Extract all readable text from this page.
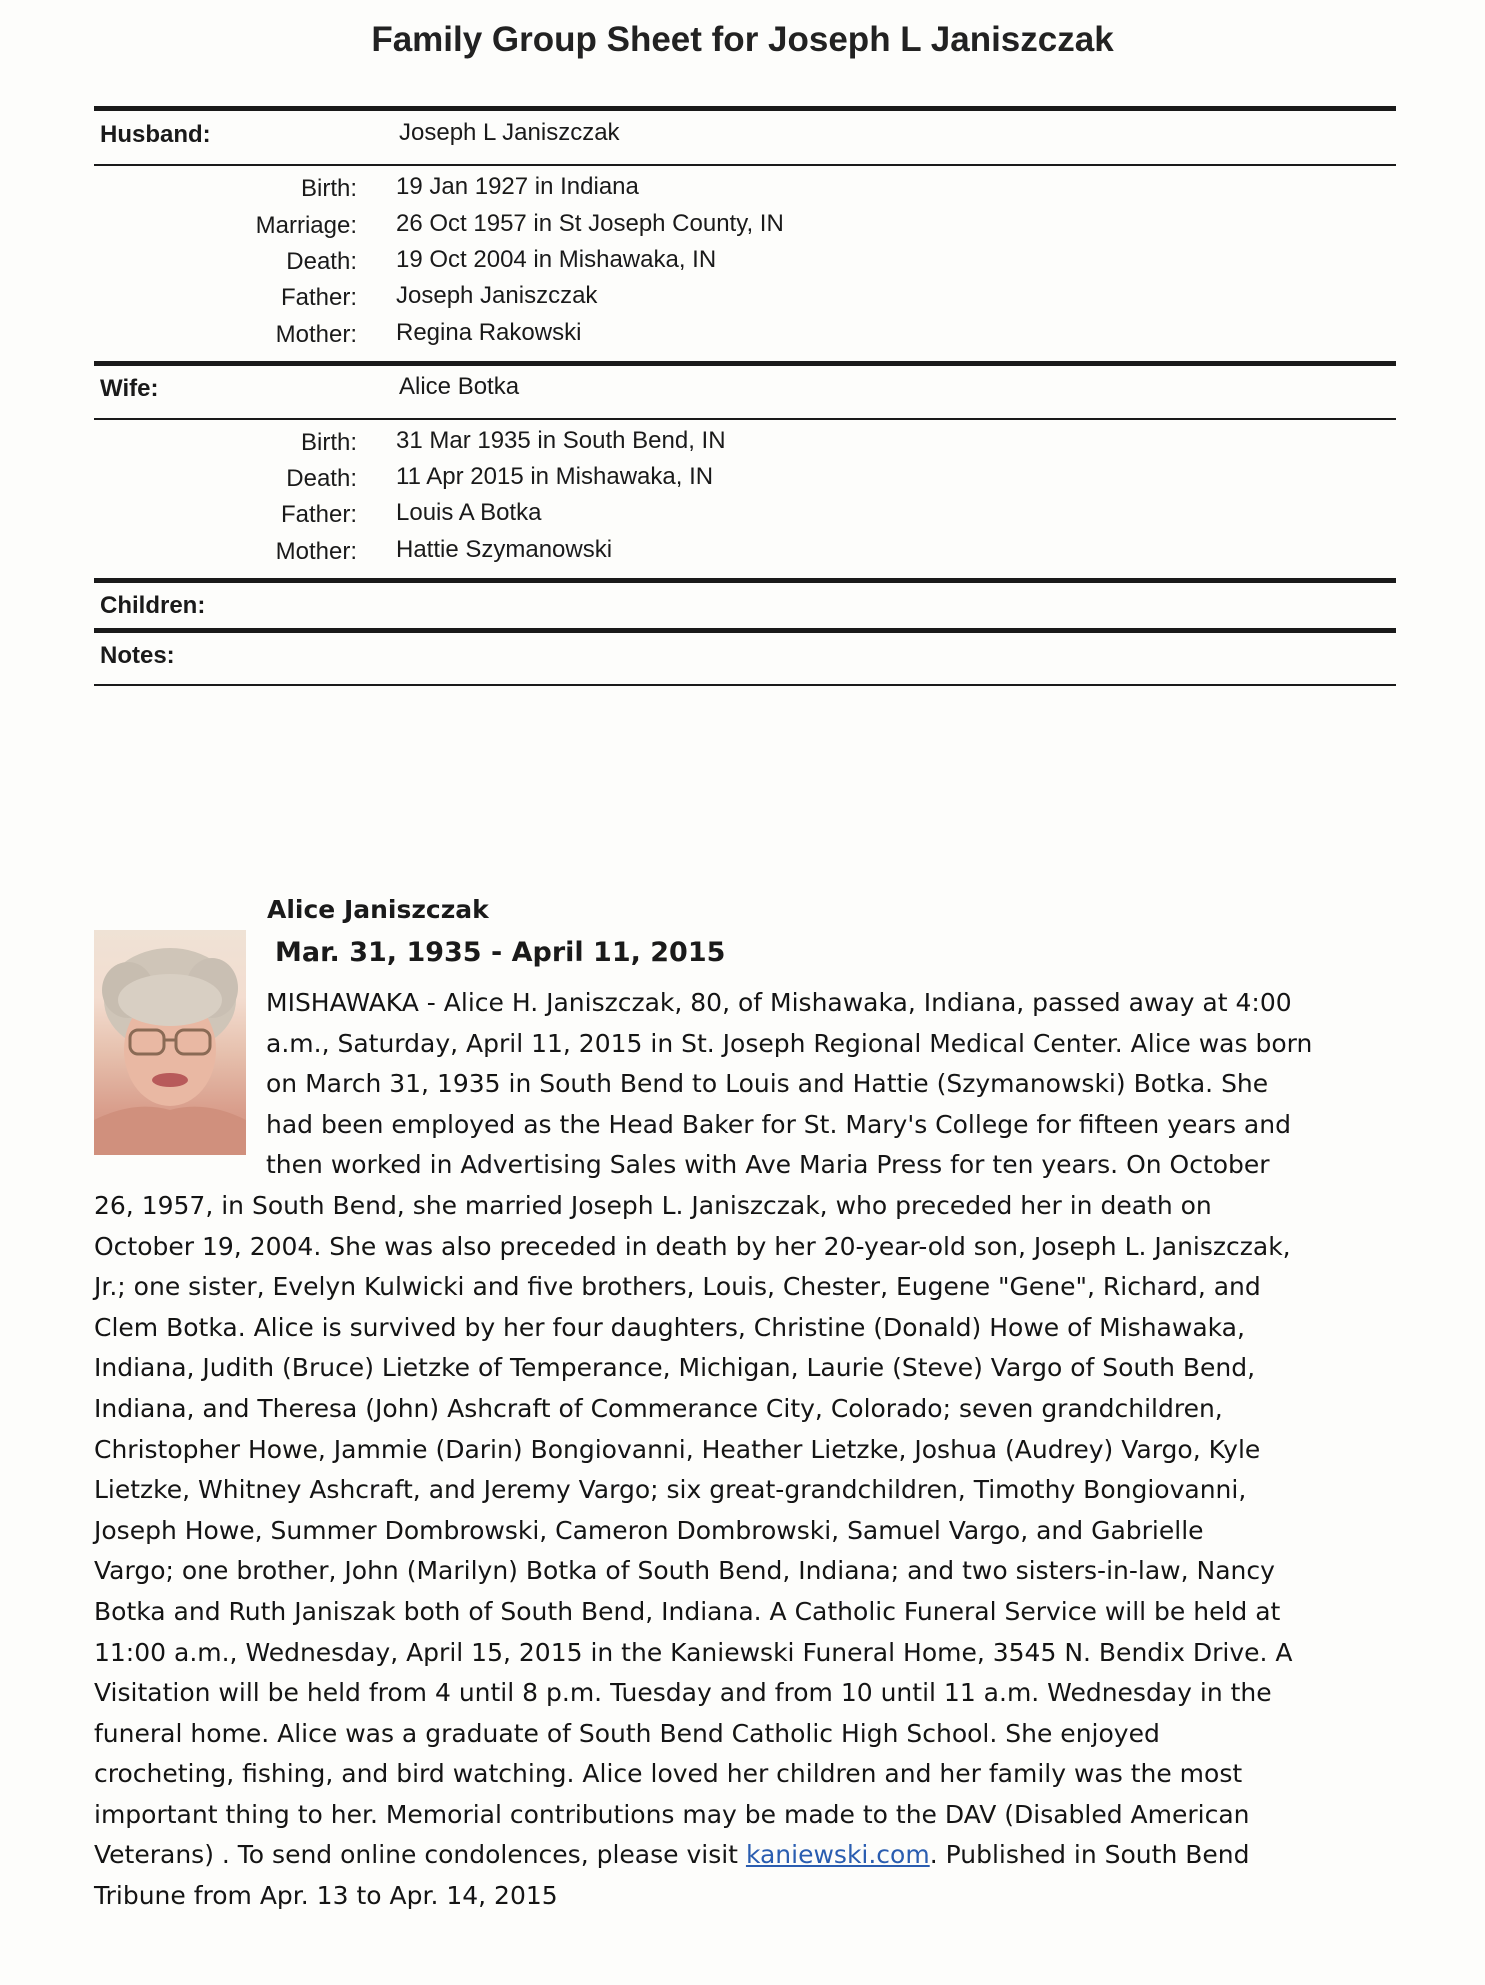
Family Group Sheet for Joseph L Janiszczak
Husband:	Joseph L Janiszczak
Birth: 19 Jan 1927 in Indiana
Marriage: 26 Oct 1957 in St Joseph County, IN
Death: 19 Oct 2004 in Mishawaka, IN
Father: Joseph Janiszczak
Mother: Regina Rakowski
Wife:	Alice Botka
Birth: 31 Mar 1935 in South Bend, IN
Death: 11 Apr 2015 in Mishawaka, IN
Father: Louis A Botka
Mother: Hattie Szymanowski
Children:
Notes:
Alice Janiszczak
Mar. 31, 1935 - April 11, 2015
MISHAWAKA - Alice H. Janiszczak, 80, of Mishawaka, Indiana, passed away at 4:00
a.m., Saturday, April 11, 2015 in St. Joseph Regional Medical Center. Alice was born
on March 31, 1935 in South Bend to Louis and Hattie (Szymanowski) Botka. She
had been employed as the Head Baker for St. Mary's College for fifteen years and
then worked in Advertising Sales with Ave Maria Press for ten years. On October
26, 1957, in South Bend, she married Joseph L. Janiszczak, who preceded her in death on
October 19, 2004. She was also preceded in death by her 20-year-old son, Joseph L. Janiszczak,
Jr.; one sister, Evelyn Kulwicki and five brothers, Louis, Chester, Eugene "Gene", Richard, and
Clem Botka. Alice is survived by her four daughters, Christine (Donald) Howe of Mishawaka,
Indiana, Judith (Bruce) Lietzke of Temperance, Michigan, Laurie (Steve) Vargo of South Bend,
Indiana, and Theresa (John) Ashcraft of Commerance City, Colorado; seven grandchildren,
Christopher Howe, Jammie (Darin) Bongiovanni, Heather Lietzke, Joshua (Audrey) Vargo, Kyle
Lietzke, Whitney Ashcraft, and Jeremy Vargo; six great-grandchildren, Timothy Bongiovanni,
Joseph Howe, Summer Dombrowski, Cameron Dombrowski, Samuel Vargo, and Gabrielle
Vargo; one brother, John (Marilyn) Botka of South Bend, Indiana; and two sisters-in-law, Nancy
Botka and Ruth Janiszak both of South Bend, Indiana. A Catholic Funeral Service will be held at
11:00 a.m., Wednesday, April 15, 2015 in the Kaniewski Funeral Home, 3545 N. Bendix Drive. A
Visitation will be held from 4 until 8 p.m. Tuesday and from 10 until 11 a.m. Wednesday in the
funeral home. Alice was a graduate of South Bend Catholic High School. She enjoyed
crocheting, fishing, and bird watching. Alice loved her children and her family was the most
important thing to her. Memorial contributions may be made to the DAV (Disabled American
Veterans) . To send online condolences, please visit kaniewski.com. Published in South Bend
Tribune from Apr. 13 to Apr. 14, 2015
